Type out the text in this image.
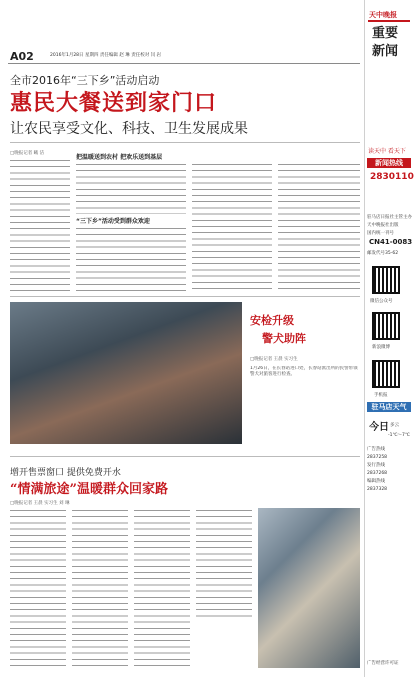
A02	2016年1月28日 星期四 责任编辑 赵 琳 责任校对 闫 岩
全市2016年“三下乡”活动启动
惠民大餐送到家门口
让农民享受文化、科技、卫生发展成果
□晚报记者 曦 洁
把温暖送到农村 把欢乐送到基层
“三下乡”活动受到群众欢迎
安检升级
警犬助阵
□晚报记者 王晨 实习生
1月26日，在长春站进口处，长春站派出所的民警带领警犬对旅客进行检查。
增开售票窗口 提供免费开水
“情满旅途”温暖群众回家路
□晚报记者 王晨 实习生 刘 琳
天中晚报
重要
新闻
读天中 看天下
新闻热线
2830110
驻马店日报社主管主办
天中晚报社出版
国内统一刊号
CN41-0083
邮发代号35-62
微信公众号
新浪微博
手机报
驻马店天气
今日 多云
-1℃～7℃
广告热线
2837258
发行热线
2837268
编辑热线
2837328
广告经营许可证
